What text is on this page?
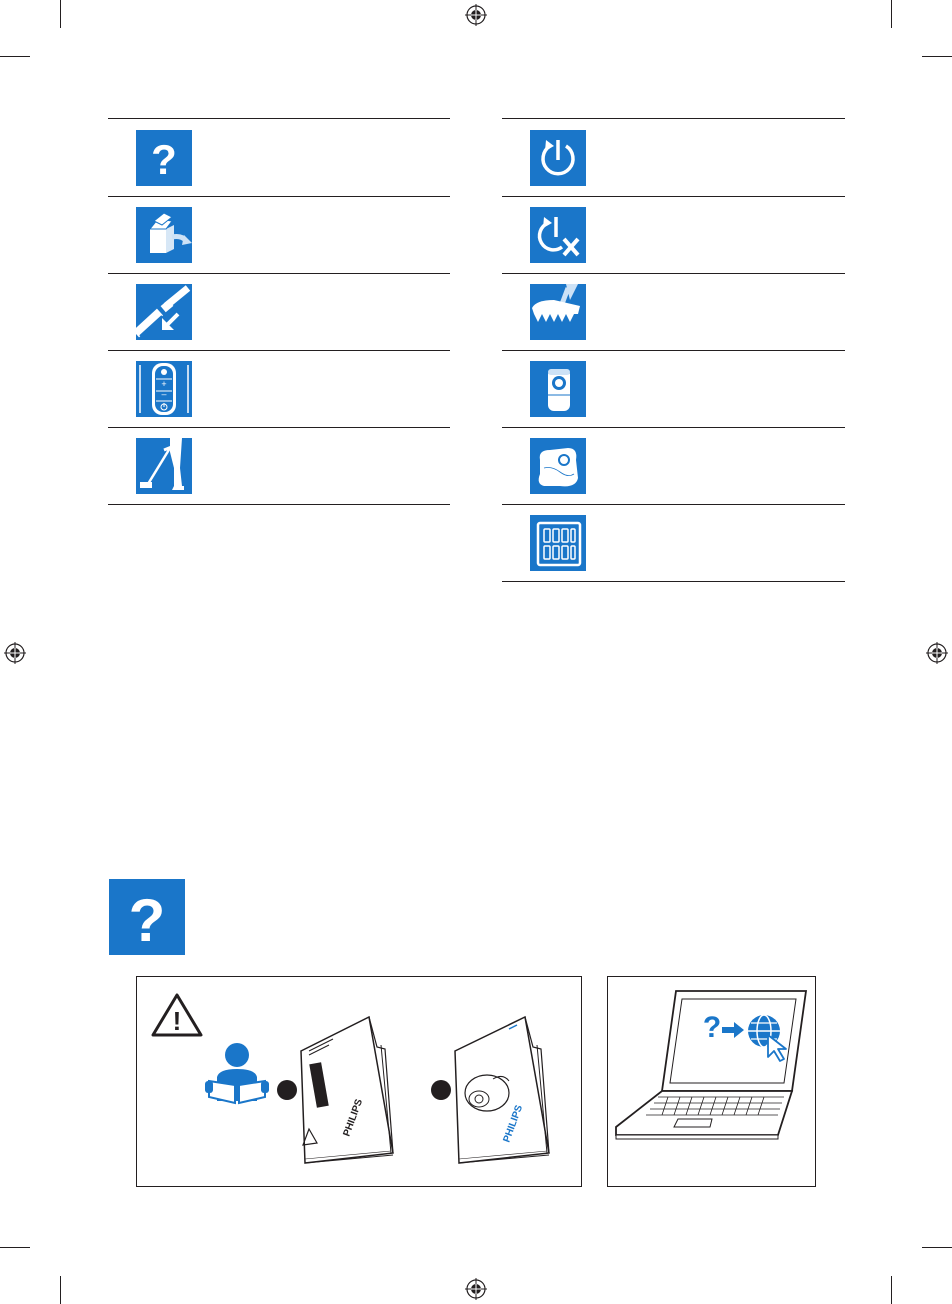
?
+
–
?
!
PHILIPS	PHILIPS
?
